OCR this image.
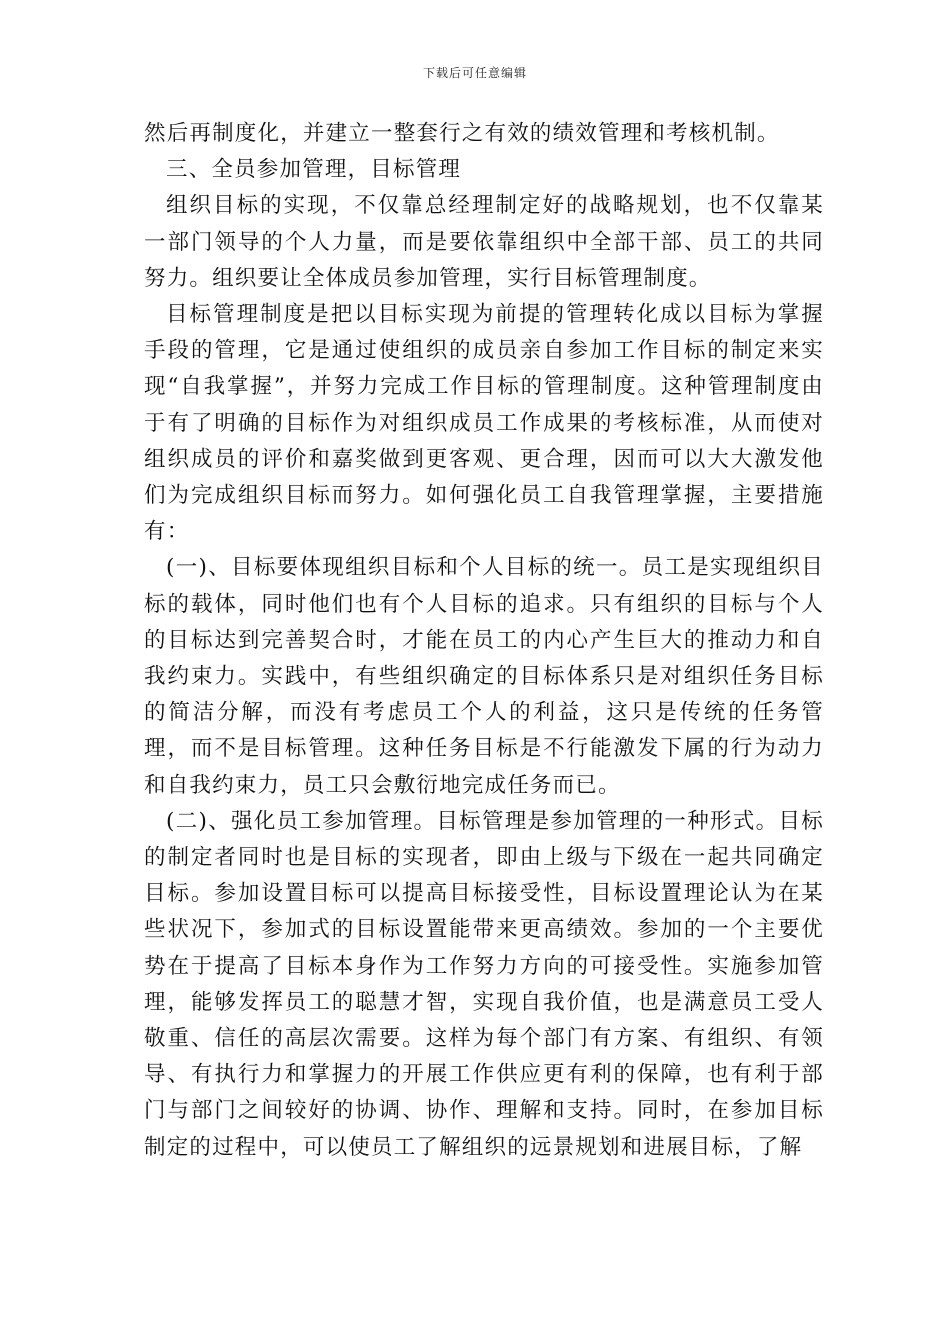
下载后可任意编辑

然后再制度化，并建立一整套行之有效的绩效管理和考核机制。

三、全员参加管理，目标管理

组织目标的实现，不仅靠总经理制定好的战略规划，也不仅靠某一部门领导的个人力量，而是要依靠组织中全部干部、员工的共同努力。组织要让全体成员参加管理，实行目标管理制度。

目标管理制度是把以目标实现为前提的管理转化成以目标为掌握手段的管理，它是通过使组织的成员亲自参加工作目标的制定来实现“自我掌握”，并努力完成工作目标的管理制度。这种管理制度由于有了明确的目标作为对组织成员工作成果的考核标准，从而使对组织成员的评价和嘉奖做到更客观、更合理，因而可以大大激发他们为完成组织目标而努力。如何强化员工自我管理掌握，主要措施有：

(一)、目标要体现组织目标和个人目标的统一。员工是实现组织目标的载体，同时他们也有个人目标的追求。只有组织的目标与个人的目标达到完善契合时，才能在员工的内心产生巨大的推动力和自我约束力。实践中，有些组织确定的目标体系只是对组织任务目标的简洁分解，而没有考虑员工个人的利益，这只是传统的任务管理，而不是目标管理。这种任务目标是不行能激发下属的行为动力和自我约束力，员工只会敷衍地完成任务而已。

(二)、强化员工参加管理。目标管理是参加管理的一种形式。目标的制定者同时也是目标的实现者，即由上级与下级在一起共同确定目标。参加设置目标可以提高目标接受性，目标设置理论认为在某些状况下，参加式的目标设置能带来更高绩效。参加的一个主要优势在于提高了目标本身作为工作努力方向的可接受性。实施参加管理，能够发挥员工的聪慧才智，实现自我价值，也是满意员工受人敬重、信任的高层次需要。这样为每个部门有方案、有组织、有领导、有执行力和掌握力的开展工作供应更有利的保障，也有利于部门与部门之间较好的协调、协作、理解和支持。同时，在参加目标制定的过程中，可以使员工了解组织的远景规划和进展目标，了解
